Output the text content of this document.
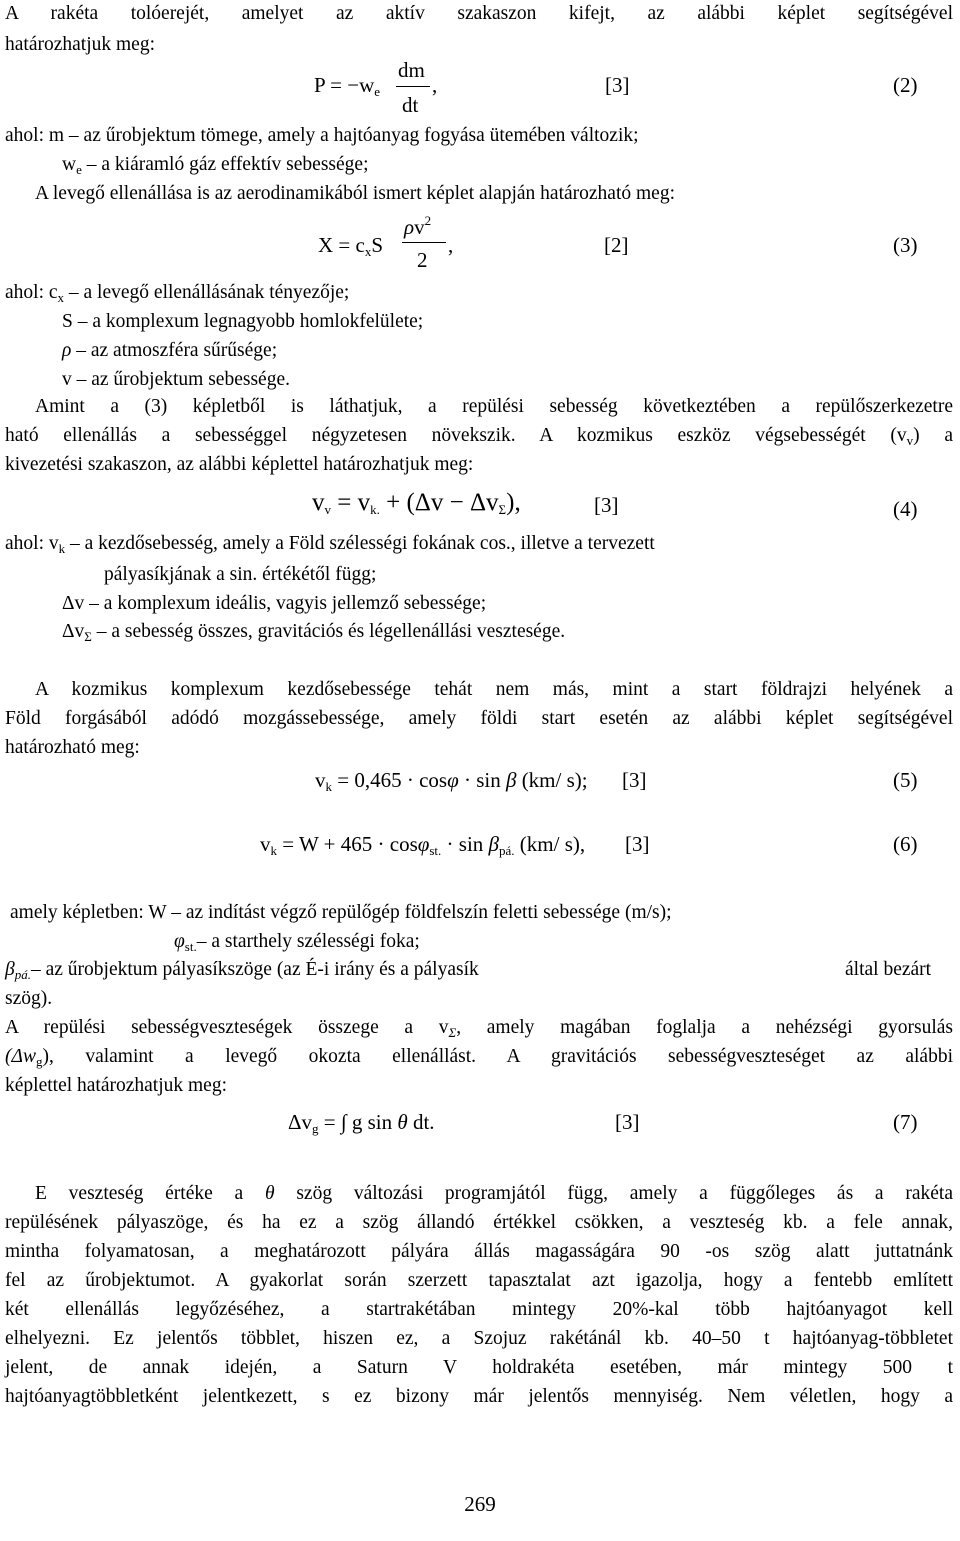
A rakéta tolóerejét, amelyet az aktív szakaszon kifejt, az alábbi képlet segítségével
határozhatjuk meg:
$P = -w_e$
dm
dt
,	[3]	(2)
ahol: m – az űrobjektum tömege, amely a hajtóanyag fogyása ütemében változik;
$w_e$ – a kiáramló gáz effektív sebessége;
A levegő ellenállása is az aerodinamikából ismert képlet alapján határozható meg:
$X = c_xS$
$\rho v^2$
2
,	[2]	(3)
ahol: $c_x$ – a levegő ellenállásának tényezője;
S – a komplexum legnagyobb homlokfelülete;
ρ – az atmoszféra sűrűsége;
v – az űrobjektum sebessége.
Amint a (3) képletből is láthatjuk, a repülési sebesség következtében a repülőszerkezetre
ható ellenállás a sebességgel négyzetesen növekszik. A kozmikus eszköz végsebességét $(v_v)$ a
kivezetési szakaszon, az alábbi képlettel határozhatjuk meg:
$v_v = v_{k.} + (\Delta v - \Delta v_\Sigma)$,	[3]	(4)
ahol: $v_k$ – a kezdősebesség, amely a Föld szélességi fokának cos., illetve a tervezett
pályasíkjának a sin. értékétől függ;
Δv – a komplexum ideális, vagyis jellemző sebessége;
$\Delta v_\Sigma$ – a sebesség összes, gravitációs és légellenállási vesztesége.
A kozmikus komplexum kezdősebessége tehát nem más, mint a start földrajzi helyének a
Föld forgásából adódó mozgássebessége, amely földi start esetén az alábbi képlet segítségével
határozható meg:
$v_k = 0,465 \cdot \cos\varphi \cdot \sin \beta$ (km/ s); [3]	(5)
$v_k = W + 465 \cdot \cos\varphi_{st.} \cdot \sin \beta_{pá.}$ (km/ s), [3]	(6)
amely képletben: W – az indítást végző repülőgép földfelszín feletti sebessége (m/s);
$\varphi_{st.}-$ a starthely szélességi foka;
$\beta_{pá.}-$ az űrobjektum pályasíkszöge (az É-i irány és a pályasík	által bezárt
szög).
A repülési sebességveszteségek összege a $v_\Sigma$, amely magában foglalja a nehézségi gyorsulás
$(\Delta w_g)$, valamint a levegő okozta ellenállást. A gravitációs sebességveszteséget az alábbi
képlettel határozhatjuk meg:
$\Delta v_g$ = ∫ g sin θ dt.	[3]	(7)
E veszteség értéke a θ szög változási programjától függ, amely a függőleges ás a rakéta
repülésének pályaszöge, és ha ez a szög állandó értékkel csökken, a veszteség kb. a fele annak,
mintha folyamatosan, a meghatározott pályára állás magasságára 90 -os szög alatt juttatnánk
fel az űrobjektumot. A gyakorlat során szerzett tapasztalat azt igazolja, hogy a fentebb említett
két ellenállás legyőzéséhez, a startrakétában mintegy 20%-kal több hajtóanyagot kell
elhelyezni. Ez jelentős többlet, hiszen ez, a Szojuz rakétánál kb. 40–50 t hajtóanyag-többletet
jelent, de annak idején, a Saturn V holdrakéta esetében, már mintegy 500 t
hajtóanyagtöbbletként jelentkezett, s ez bizony már jelentős mennyiség. Nem véletlen, hogy a
269
